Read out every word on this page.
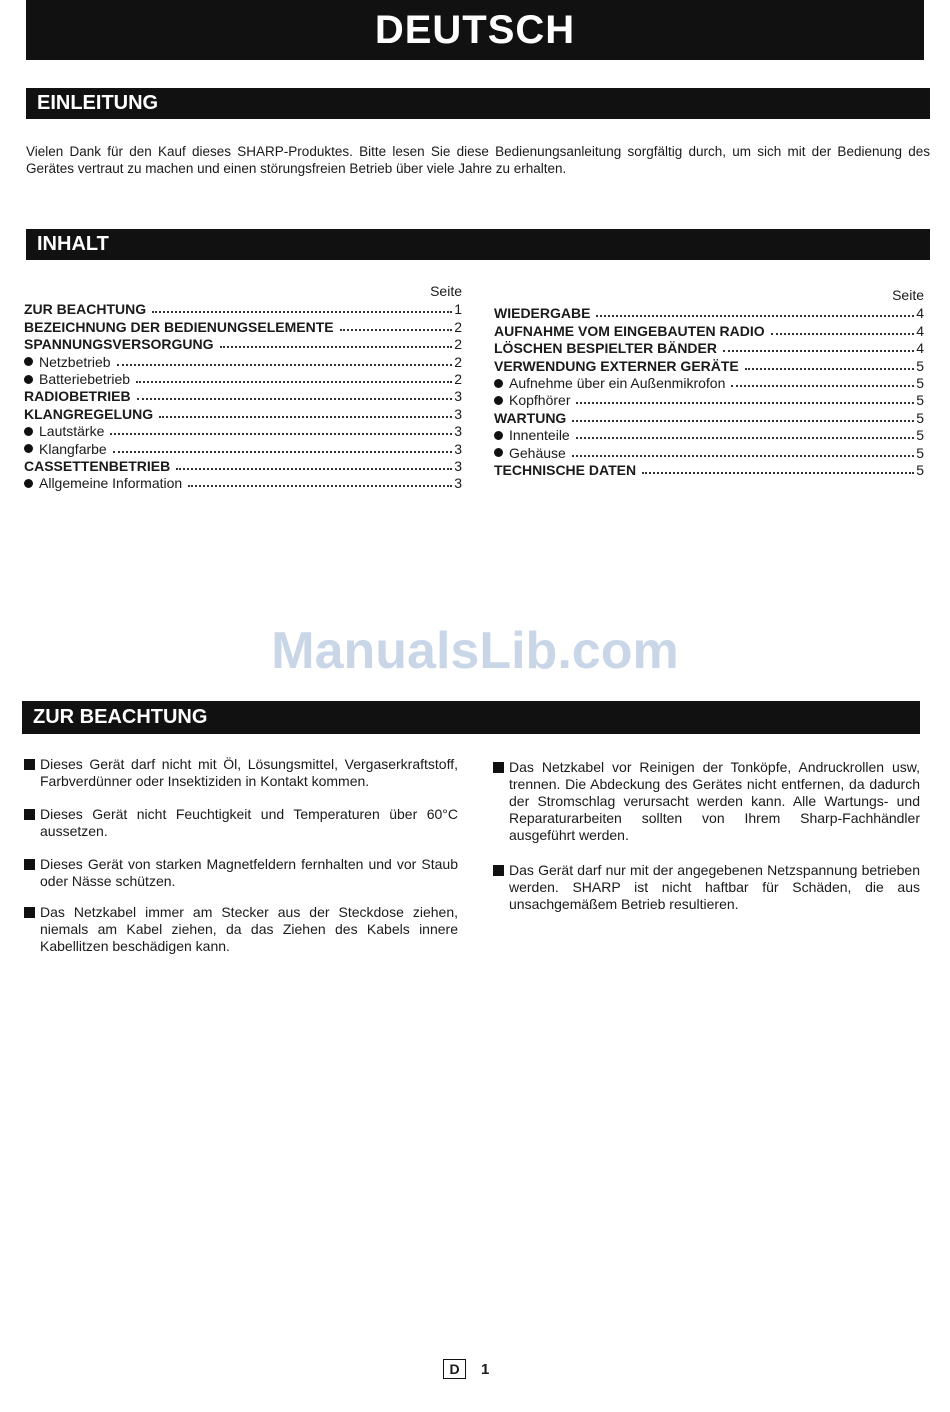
DEUTSCH
EINLEITUNG
Vielen Dank für den Kauf dieses SHARP-Produktes. Bitte lesen Sie diese Bedienungsanleitung sorgfältig durch, um sich mit der Bedienung des Gerätes vertraut zu machen und einen störungsfreien Betrieb über viele Jahre zu erhalten.
INHALT
Seite
ZUR BEACHTUNG	1
BEZEICHNUNG DER BEDIENUNGSELEMENTE	2
SPANNUNGSVERSORGUNG	2
Netzbetrieb	2
Batteriebetrieb	2
RADIOBETRIEB	3
KLANGREGELUNG	3
Lautstärke	3
Klangfarbe	3
CASSETTENBETRIEB	3
Allgemeine Information	3
Seite
WIEDERGABE	4
AUFNAHME VOM EINGEBAUTEN RADIO	4
LÖSCHEN BESPIELTER BÄNDER	4
VERWENDUNG EXTERNER GERÄTE	5
Aufnehme über ein Außenmikrofon	5
Kopfhörer	5
WARTUNG	5
Innenteile	5
Gehäuse	5
TECHNISCHE DATEN	5
ManualsLib.com
ZUR BEACHTUNG
Dieses Gerät darf nicht mit Öl, Lösungsmittel, Vergaserkraftstoff, Farbverdünner oder Insektiziden in Kontakt kommen.
Dieses Gerät nicht Feuchtigkeit und Temperaturen über 60°C aussetzen.
Dieses Gerät von starken Magnetfeldern fernhalten und vor Staub oder Nässe schützen.
Das Netzkabel immer am Stecker aus der Steckdose ziehen, niemals am Kabel ziehen, da das Ziehen des Kabels innere Kabellitzen beschädigen kann.
Das Netzkabel vor Reinigen der Tonköpfe, Andruckrollen usw, trennen. Die Abdeckung des Gerätes nicht entfernen, da dadurch der Stromschlag verursacht werden kann. Alle Wartungs- und Reparaturarbeiten sollten von Ihrem Sharp-Fachhändler ausgeführt werden.
Das Gerät darf nur mit der angegebenen Netzspannung betrieben werden. SHARP ist nicht haftbar für Schäden, die aus unsachgemäßem Betrieb resultieren.
D	1
